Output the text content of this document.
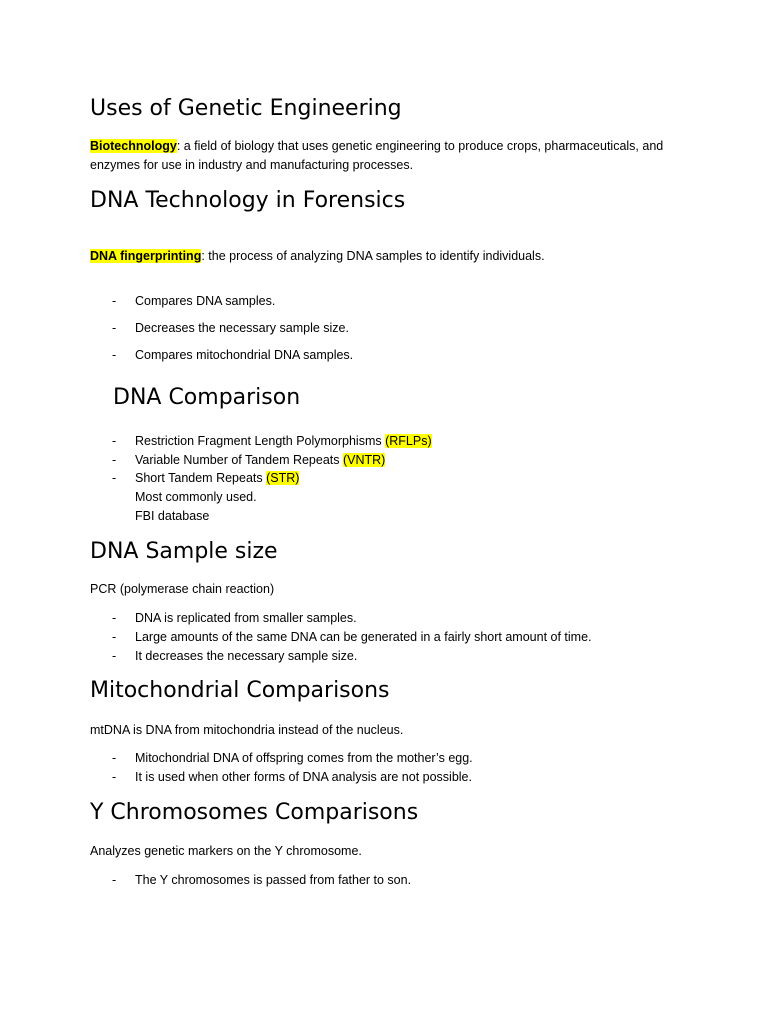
Uses of Genetic Engineering

Biotechnology: a field of biology that uses genetic engineering to produce crops, pharmaceuticals, and

enzymes for use in industry and manufacturing processes.

DNA Technology in Forensics

DNA fingerprinting: the process of analyzing DNA samples to identify individuals.

- Compares DNA samples.
- Decreases the necessary sample size.
- Compares mitochondrial DNA samples.
DNA Comparison
- Restriction Fragment Length Polymorphisms (RFLPs)
- Variable Number of Tandem Repeats (VNTR)
- Short Tandem Repeats (STR)
Most commonly used.
FBI database
DNA Sample size

PCR (polymerase chain reaction)

- DNA is replicated from smaller samples.
- Large amounts of the same DNA can be generated in a fairly short amount of time.
- It decreases the necessary sample size.
Mitochondrial Comparisons

mtDNA is DNA from mitochondria instead of the nucleus.

- Mitochondrial DNA of offspring comes from the mother’s egg.
- It is used when other forms of DNA analysis are not possible.
Y Chromosomes Comparisons

Analyzes genetic markers on the Y chromosome.

- The Y chromosomes is passed from father to son.
